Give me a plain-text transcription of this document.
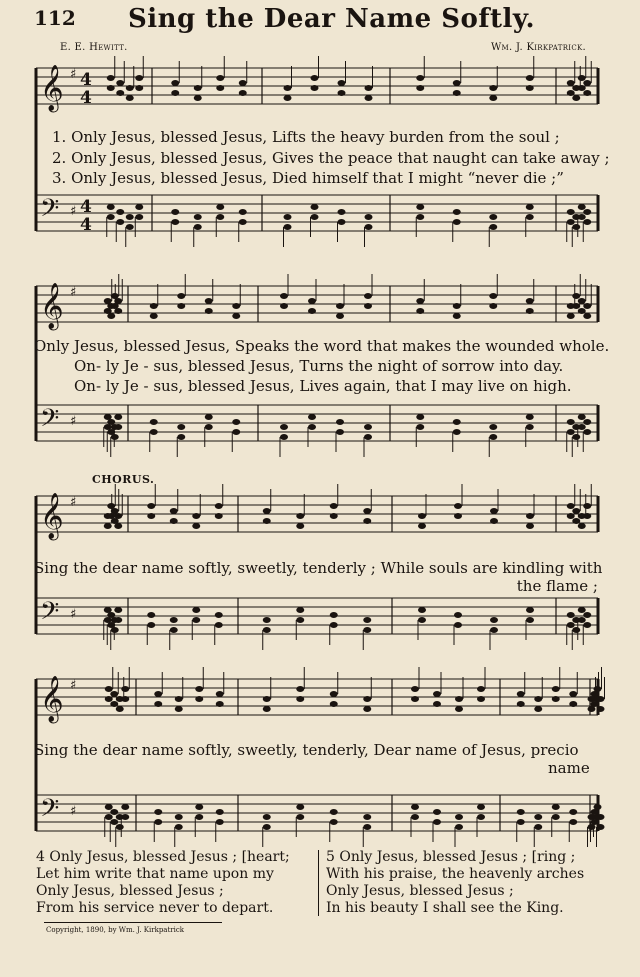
112 Sing the Dear Name Softly.
E. E. Hewitt.	Wm. J. Kirkpatrick.
𝄞 ♯ 4
4
𝄢 ♯ 4
4
𝄞 ♯
𝄢 ♯
𝄞 ♯
𝄢 ♯
𝄞 ♯
𝄢 ♯
1. Only Jesus, blessed Jesus, Lifts the heavy burden from the soul ;
2. Only Jesus, blessed Jesus, Gives the peace that naught can take away ;
3. Only Jesus, blessed Jesus, Died himself that I might “never die ;”
Only Jesus, blessed Jesus, Speaks the word that makes the wounded whole.
On- ly Je - sus, blessed Jesus, Turns the night of sorrow into day.
On- ly Je - sus, blessed Jesus, Lives again, that I may live on high.
CHORUS.
Sing the dear name softly, sweetly, tenderly ; While souls are kindling with
the flame ;
Sing the dear name softly, sweetly, tenderly, Dear name of Jesus, precio
name
4 Only Jesus, blessed Jesus ; [heart;
Let him write that name upon my
Only Jesus, blessed Jesus ;
From his service never to depart.
5 Only Jesus, blessed Jesus ; [ring ;
With his praise, the heavenly arches
Only Jesus, blessed Jesus ;
In his beauty I shall see the King.
Copyright, 1890, by Wm. J. Kirkpatrick
